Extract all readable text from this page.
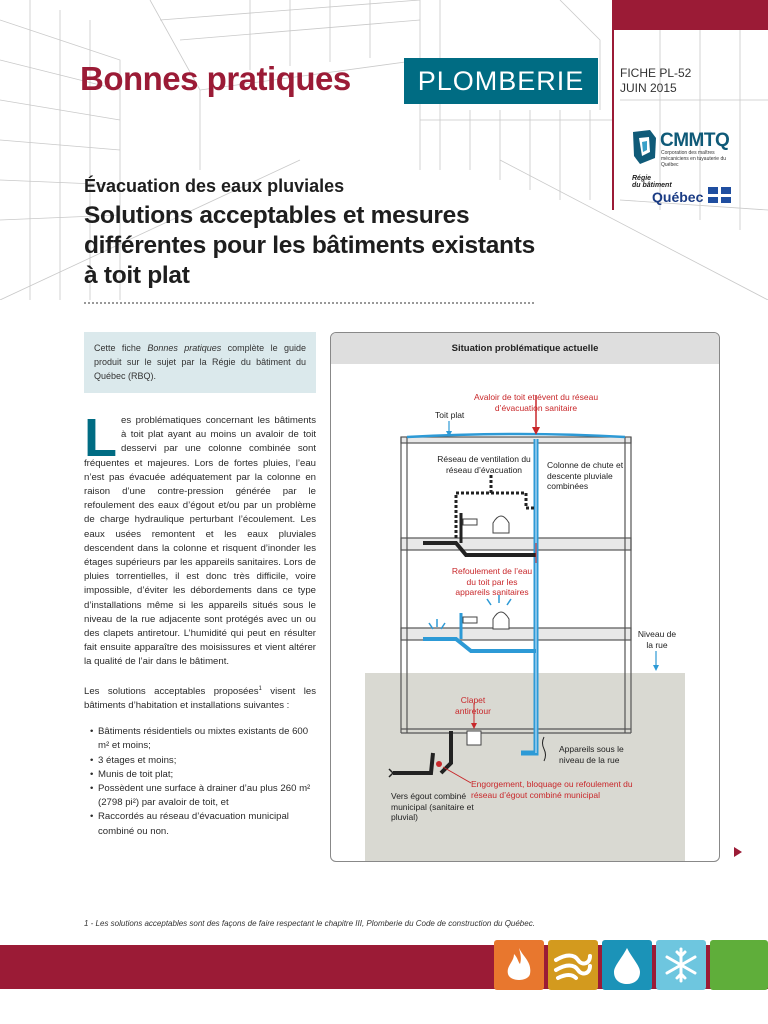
Bonnes pratiques	PLOMBERIE	FICHE PL-52
JUIN 2015
CMMTQ
Corporation des maîtres mécaniciens en tuyauterie du Québec
Régie
du bâtiment
Québec
Évacuation des eaux pluviales
Solutions acceptables et mesures différentes pour les bâtiments existants à toit plat
Cette fiche Bonnes pratiques complète le guide produit sur le sujet par la Régie du bâtiment du Québec (RBQ).

Les problématiques concernant les bâtiments à toit plat ayant au moins un avaloir de toit desservi par une colonne combinée sont fréquentes et majeures. Lors de fortes pluies, l’eau n’est pas évacuée adéquatement par la colonne en raison d’une contre-pression générée par le refoulement des eaux d’égout et/ou par un problème de charge hydraulique perturbant l’écoulement. Les eaux usées remontent et les eaux pluviales descendent dans la colonne et risquent d’inonder les étages supérieurs par les appareils sanitaires. Lors de pluies torrentielles, il est donc très difficile, voire impossible, d’éviter les débordements dans ce type d’installations même si les appareils situés sous le niveau de la rue adjacente sont protégés avec un ou des clapets antiretour. L’humidité qui peut en résulter fait ensuite apparaître des moisissures et vient altérer la qualité de l’air dans le bâtiment.

Les solutions acceptables proposées$^1$ visent les bâtiments d’habitation et installations suivantes :

• Bâtiments résidentiels ou mixtes existants de 600 m² et moins;
• 3 étages et moins;
• Munis de toit plat;
• Possèdent une surface à drainer d’au plus 260 m² (2798 pi²) par avaloir de toit, et
• Raccordés au réseau d’évacuation municipal combiné ou non.
Situation problématique actuelle
Avaloir de toit et évent du réseau d’évacuation sanitaire
Toit plat
Réseau de ventilation du réseau d’évacuation	Colonne de chute et descente pluviale combinées
Refoulement de l’eau du toit par les appareils sanitaires
Niveau de la rue
Clapet antiretour
Appareils sous le niveau de la rue
Engorgement, bloquage ou refoulement du réseau d’égout combiné municipal
Vers égout combiné municipal (sanitaire et pluvial)
1 - Les solutions acceptables sont des façons de faire respectant le chapitre III, Plomberie du Code de construction du Québec.
